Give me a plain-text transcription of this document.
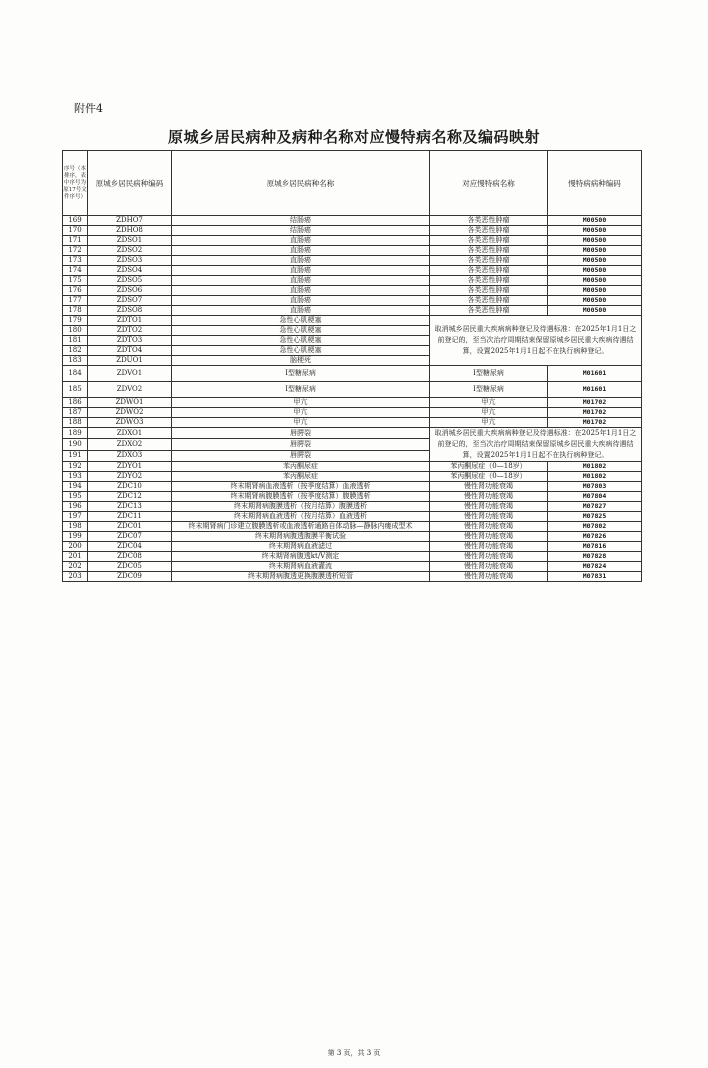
附件4
原城乡居民病种及病种名称对应慢特病名称及编码映射
序号（本排序，表中序号为原17号文件序号）	原城乡居民病种编码	原城乡居民病种名称	对应慢特病名称	慢特病病种编码
169	ZDHO7	结肠癌	各类恶性肿瘤	M00500
170	ZDHO8	结肠癌	各类恶性肿瘤	M00500
171	ZDSO1	直肠癌	各类恶性肿瘤	M00500
172	ZDSO2	直肠癌	各类恶性肿瘤	M00500
173	ZDSO3	直肠癌	各类恶性肿瘤	M00500
174	ZDSO4	直肠癌	各类恶性肿瘤	M00500
175	ZDSO5	直肠癌	各类恶性肿瘤	M00500
176	ZDSO6	直肠癌	各类恶性肿瘤	M00500
177	ZDSO7	直肠癌	各类恶性肿瘤	M00500
178	ZDSO8	直肠癌	各类恶性肿瘤	M00500
179	ZDTO1	急性心肌梗塞	取消城乡居民重大疾病病种登记及待遇标准：在2025年1月1日之前登记的，至当次治疗周期结束保留原城乡居民重大疾病待遇结算，设置2025年1月1日起不在执行病种登记。	
180	ZDTO2	急性心肌梗塞		
181	ZDTO3	急性心肌梗塞		
182	ZDTO4	急性心肌梗塞		
183	ZDUO1	脑梗死		
184	ZDVO1	I型糖尿病	I型糖尿病	M01601
185	ZDVO2	I型糖尿病	I型糖尿病	M01601
186	ZDWO1	甲亢	甲亢	M01702
187	ZDWO2	甲亢	甲亢	M01702
188	ZDWO3	甲亢	甲亢	M01702
189	ZDXO1	唇腭裂	取消城乡居民重大疾病病种登记及待遇标准：在2025年1月1日之前登记的，至当次治疗周期结束保留原城乡居民重大疾病待遇结算，设置2025年1月1日起不在执行病种登记。	
190	ZDXO2	唇腭裂		
191	ZDXO3	唇腭裂		
192	ZDYO1	苯丙酮尿症	苯丙酮尿症（0—18岁）	M01802
193	ZDYO2	苯丙酮尿症	苯丙酮尿症（0—18岁）	M01802
194	ZDC10	终末期肾病血液透析（按季度结算）血液透析	慢性肾功能衰竭	M07803
195	ZDC12	终末期肾病腹膜透析（按季度结算）腹膜透析	慢性肾功能衰竭	M07804
196	ZDC13	终末期肾病腹膜透析（按月结算）腹膜透析	慢性肾功能衰竭	M07827
197	ZDC11	终末期肾病血液透析（按月结算）血液透析	慢性肾功能衰竭	M07825
198	ZDC01	终末期肾病门诊建立腹膜透析或血液透析通路自体动脉—静脉内瘘成型术	慢性肾功能衰竭	M07802
199	ZDC07	终末期肾病腹透腹膜平衡试验	慢性肾功能衰竭	M07826
200	ZDC04	终末期肾病血液滤过	慢性肾功能衰竭	M07816
201	ZDC08	终末期肾病腹透kt/V测定	慢性肾功能衰竭	M07828
202	ZDC05	终末期肾病血液灌流	慢性肾功能衰竭	M07824
203	ZDC09	终末期肾病腹透更换腹膜透析短管	慢性肾功能衰竭	M07831
第 3 页，共 3 页
